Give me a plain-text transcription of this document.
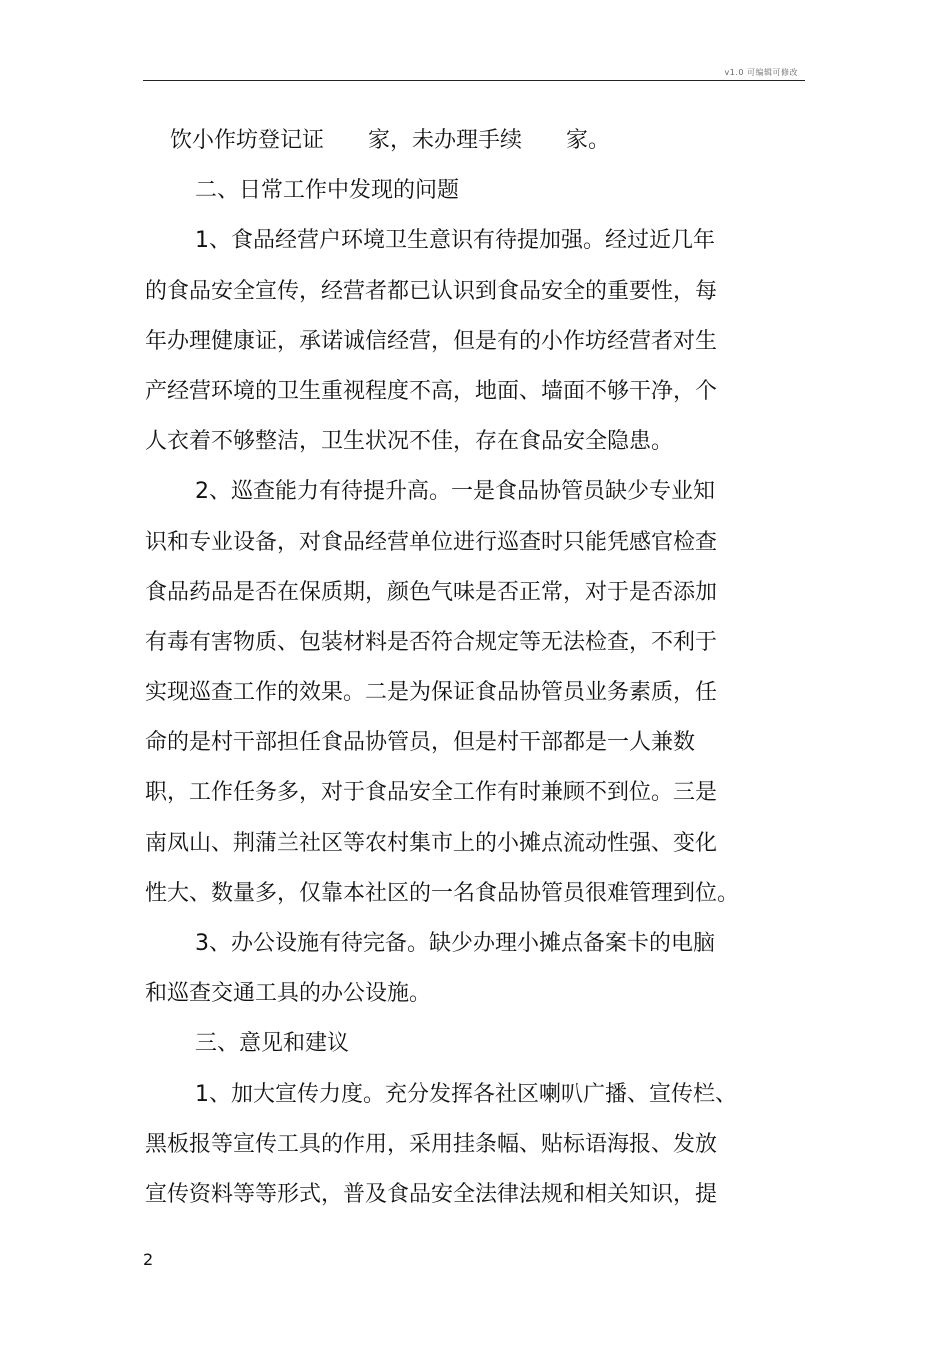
v1.0 可编辑可修改
饮小作坊登记证　　家，未办理手续　　家。
二、日常工作中发现的问题
1、食品经营户环境卫生意识有待提加强。经过近几年
的食品安全宣传，经营者都已认识到食品安全的重要性，每
年办理健康证，承诺诚信经营，但是有的小作坊经营者对生
产经营环境的卫生重视程度不高，地面、墙面不够干净，个
人衣着不够整洁，卫生状况不佳，存在食品安全隐患。
2、巡查能力有待提升高。一是食品协管员缺少专业知
识和专业设备，对食品经营单位进行巡查时只能凭感官检查
食品药品是否在保质期，颜色气味是否正常，对于是否添加
有毒有害物质、包装材料是否符合规定等无法检查，不利于
实现巡查工作的效果。二是为保证食品协管员业务素质，任
命的是村干部担任食品协管员，但是村干部都是一人兼数
职，工作任务多，对于食品安全工作有时兼顾不到位。三是
南凤山、荆蒲兰社区等农村集市上的小摊点流动性强、变化
性大、数量多，仅靠本社区的一名食品协管员很难管理到位。
3、办公设施有待完备。缺少办理小摊点备案卡的电脑
和巡查交通工具的办公设施。
三、意见和建议
1、加大宣传力度。充分发挥各社区喇叭广播、宣传栏、
黑板报等宣传工具的作用，采用挂条幅、贴标语海报、发放
宣传资料等等形式，普及食品安全法律法规和相关知识，提
2
